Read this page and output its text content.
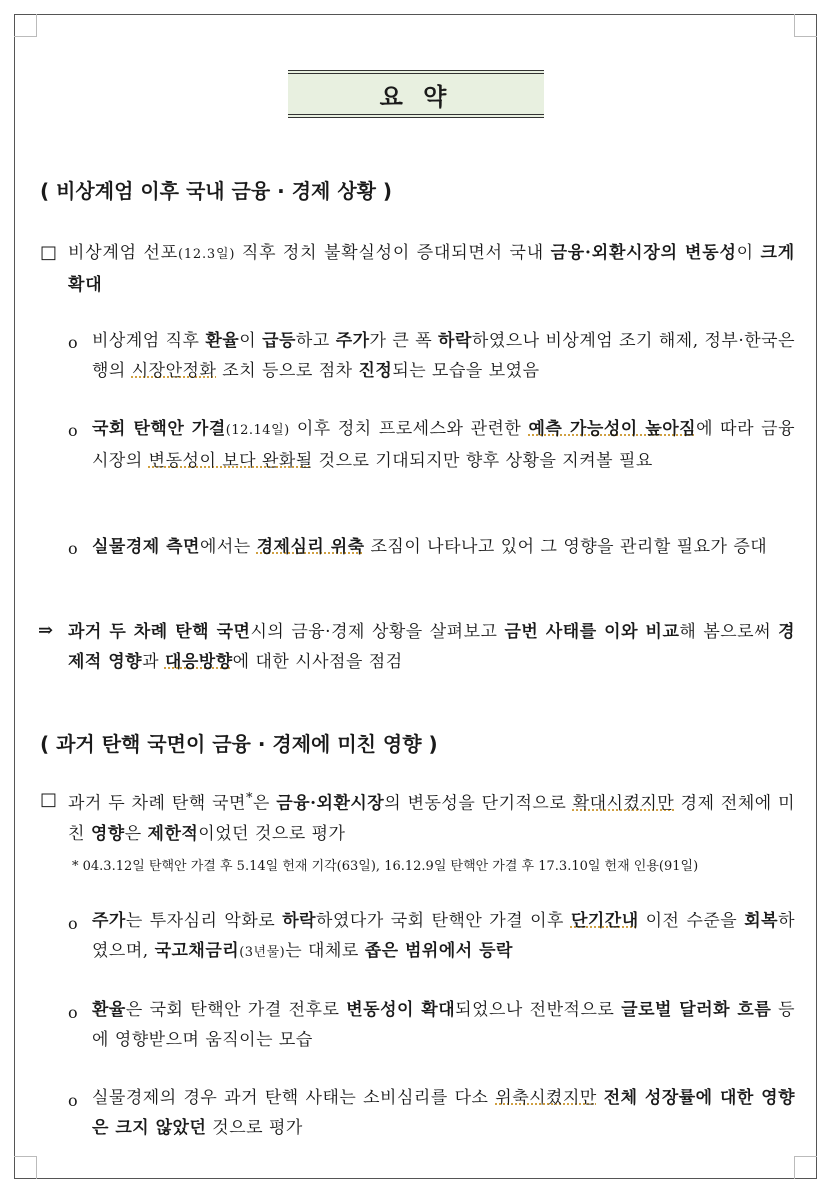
요 약
( 비상계엄 이후 국내 금융 · 경제 상황 )
□ 비상계엄 선포(12.3일) 직후 정치 불확실성이 증대되면서 국내 금융·외환시장의 변동성이 크게 확대
o 비상계엄 직후 환율이 급등하고 주가가 큰 폭 하락하였으나 비상계엄 조기 해제, 정부·한국은행의 시장안정화 조치 등으로 점차 진정되는 모습을 보였음
o 국회 탄핵안 가결(12.14일) 이후 정치 프로세스와 관련한 예측 가능성이 높아짐에 따라 금융시장의 변동성이 보다 완화될 것으로 기대되지만 향후 상황을 지켜볼 필요
o 실물경제 측면에서는 경제심리 위축 조짐이 나타나고 있어 그 영향을 관리할 필요가 증대
⇒ 과거 두 차례 탄핵 국면시의 금융·경제 상황을 살펴보고 금번 사태를 이와 비교해 봄으로써 경제적 영향과 대응방향에 대한 시사점을 점검
( 과거 탄핵 국면이 금융 · 경제에 미친 영향 )
□ 과거 두 차례 탄핵 국면*은 금융·외환시장의 변동성을 단기적으로 확대시켰지만 경제 전체에 미친 영향은 제한적이었던 것으로 평가
* 04.3.12일 탄핵안 가결 후 5.14일 헌재 기각(63일), 16.12.9일 탄핵안 가결 후 17.3.10일 헌재 인용(91일)
o 주가는 투자심리 악화로 하락하였다가 국회 탄핵안 가결 이후 단기간내 이전 수준을 회복하였으며, 국고채금리(3년물)는 대체로 좁은 범위에서 등락
o 환율은 국회 탄핵안 가결 전후로 변동성이 확대되었으나 전반적으로 글로벌 달러화 흐름 등에 영향받으며 움직이는 모습
o 실물경제의 경우 과거 탄핵 사태는 소비심리를 다소 위축시켰지만 전체 성장률에 대한 영향은 크지 않았던 것으로 평가
